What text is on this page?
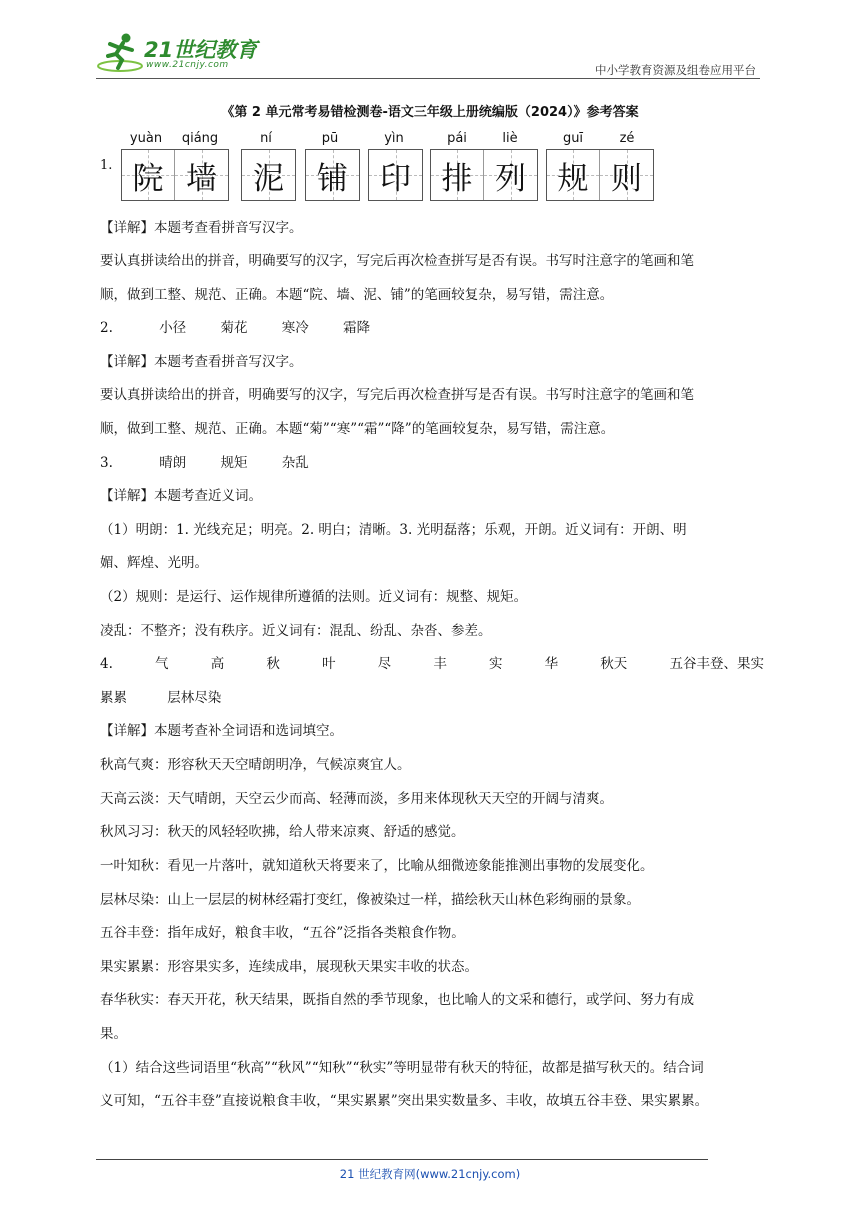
21世纪教育
www.21cnjy.com	中小学教育资源及组卷应用平台
《第 2 单元常考易错检测卷-语文三年级上册统编版（2024）》参考答案
1.
yuàn	qiáng	ní	pū	yìn	pái	liè	guī	zé
院 墙 泥 铺 印 排 列 规 则
【详解】本题考查看拼音写汉字。
要认真拼读给出的拼音，明确要写的汉字，写完后再次检查拼写是否有误。书写时注意字的笔画和笔
顺，做到工整、规范、正确。本题“院、墙、泥、铺”的笔画较复杂，易写错，需注意。
2.	小径	菊花	寒冷	霜降
【详解】本题考查看拼音写汉字。
要认真拼读给出的拼音，明确要写的汉字，写完后再次检查拼写是否有误。书写时注意字的笔画和笔
顺，做到工整、规范、正确。本题“菊”“寒”“霜”“降”的笔画较复杂，易写错，需注意。
3.	晴朗	规矩	杂乱
【详解】本题考查近义词。
（1）明朗：1. 光线充足；明亮。2. 明白；清晰。3. 光明磊落；乐观，开朗。近义词有：开朗、明
媚、辉煌、光明。
（2）规则：是运行、运作规律所遵循的法则。近义词有：规整、规矩。
凌乱：不整齐；没有秩序。近义词有：混乱、纷乱、杂沓、参差。
4.	气	高	秋	叶	尽	丰	实	华	秋天	五谷丰登、果实
累累	层林尽染
【详解】本题考查补全词语和选词填空。
秋高气爽：形容秋天天空晴朗明净，气候凉爽宜人。
天高云淡：天气晴朗，天空云少而高、轻薄而淡，多用来体现秋天天空的开阔与清爽。
秋风习习：秋天的风轻轻吹拂，给人带来凉爽、舒适的感觉。
一叶知秋：看见一片落叶，就知道秋天将要来了，比喻从细微迹象能推测出事物的发展变化。
层林尽染：山上一层层的树林经霜打变红，像被染过一样，描绘秋天山林色彩绚丽的景象。
五谷丰登：指年成好，粮食丰收，“五谷”泛指各类粮食作物。
果实累累：形容果实多，连续成串，展现秋天果实丰收的状态。
春华秋实：春天开花，秋天结果，既指自然的季节现象，也比喻人的文采和德行，或学问、努力有成
果。
（1）结合这些词语里“秋高”“秋风”“知秋”“秋实”等明显带有秋天的特征，故都是描写秋天的。结合词
义可知，“五谷丰登”直接说粮食丰收，“果实累累”突出果实数量多、丰收，故填五谷丰登、果实累累。
21 世纪教育网(www.21cnjy.com)
